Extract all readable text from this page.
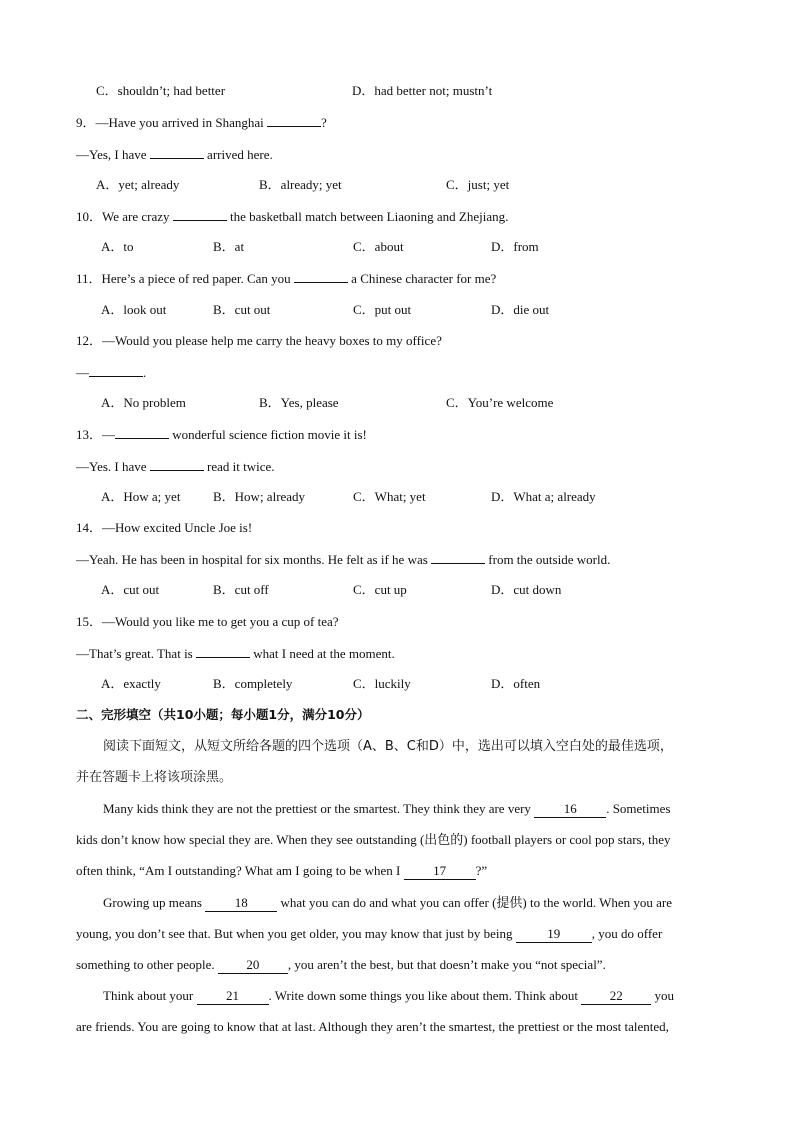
C．shouldn’t; had better	D．had better not; mustn’t
9．—Have you arrived in Shanghai	?
—Yes, I have	arrived here.
A．yet; already	B．already; yet	C．just; yet
10．We are crazy	the basketball match between Liaoning and Zhejiang.
A．to	B．at	C．about	D．from
11．Here’s a piece of red paper. Can you	a Chinese character for me?
A．look out	B．cut out	C．put out	D．die out
12．—Would you please help me carry the heavy boxes to my office?
—	.
A．No problem	B．Yes, please	C．You’re welcome
13．—	wonderful science fiction movie it is!
—Yes. I have	read it twice.
A．How a; yet	B．How; already	C．What; yet	D．What a; already
14．—How excited Uncle Joe is!
—Yeah. He has been in hospital for six months. He felt as if he was	from the outside world.
A．cut out	B．cut off	C．cut up	D．cut down
15．—Would you like me to get you a cup of tea?
—That’s great. That is	what I need at the moment.
A．exactly	B．completely	C．luckily	D．often
二、完形填空（共10小题；每小题1分，满分10分）
阅读下面短文，从短文所给各题的四个选项（A、B、C和D）中，选出可以填入空白处的最佳选项，
并在答题卡上将该项涂黑。
Many kids think they are not the prettiest or the smartest. They think they are very	16 . Sometimes
kids don’t know how special they are. When they see outstanding (出色的) football players or cool pop stars, they
often think, “Am I outstanding? What am I going to be when I	17 ?”
Growing up means	18	what you can do and what you can offer (提供) to the world. When you are
young, you don’t see that. But when you get older, you may know that just by being	19 , you do offer
something to other people. 20 , you aren’t the best, but that doesn’t make you “not special”.
Think about your	21 . Write down some things you like about them. Think about 22 you
are friends. You are going to know that at last. Although they aren’t the smartest, the prettiest or the most talented,
